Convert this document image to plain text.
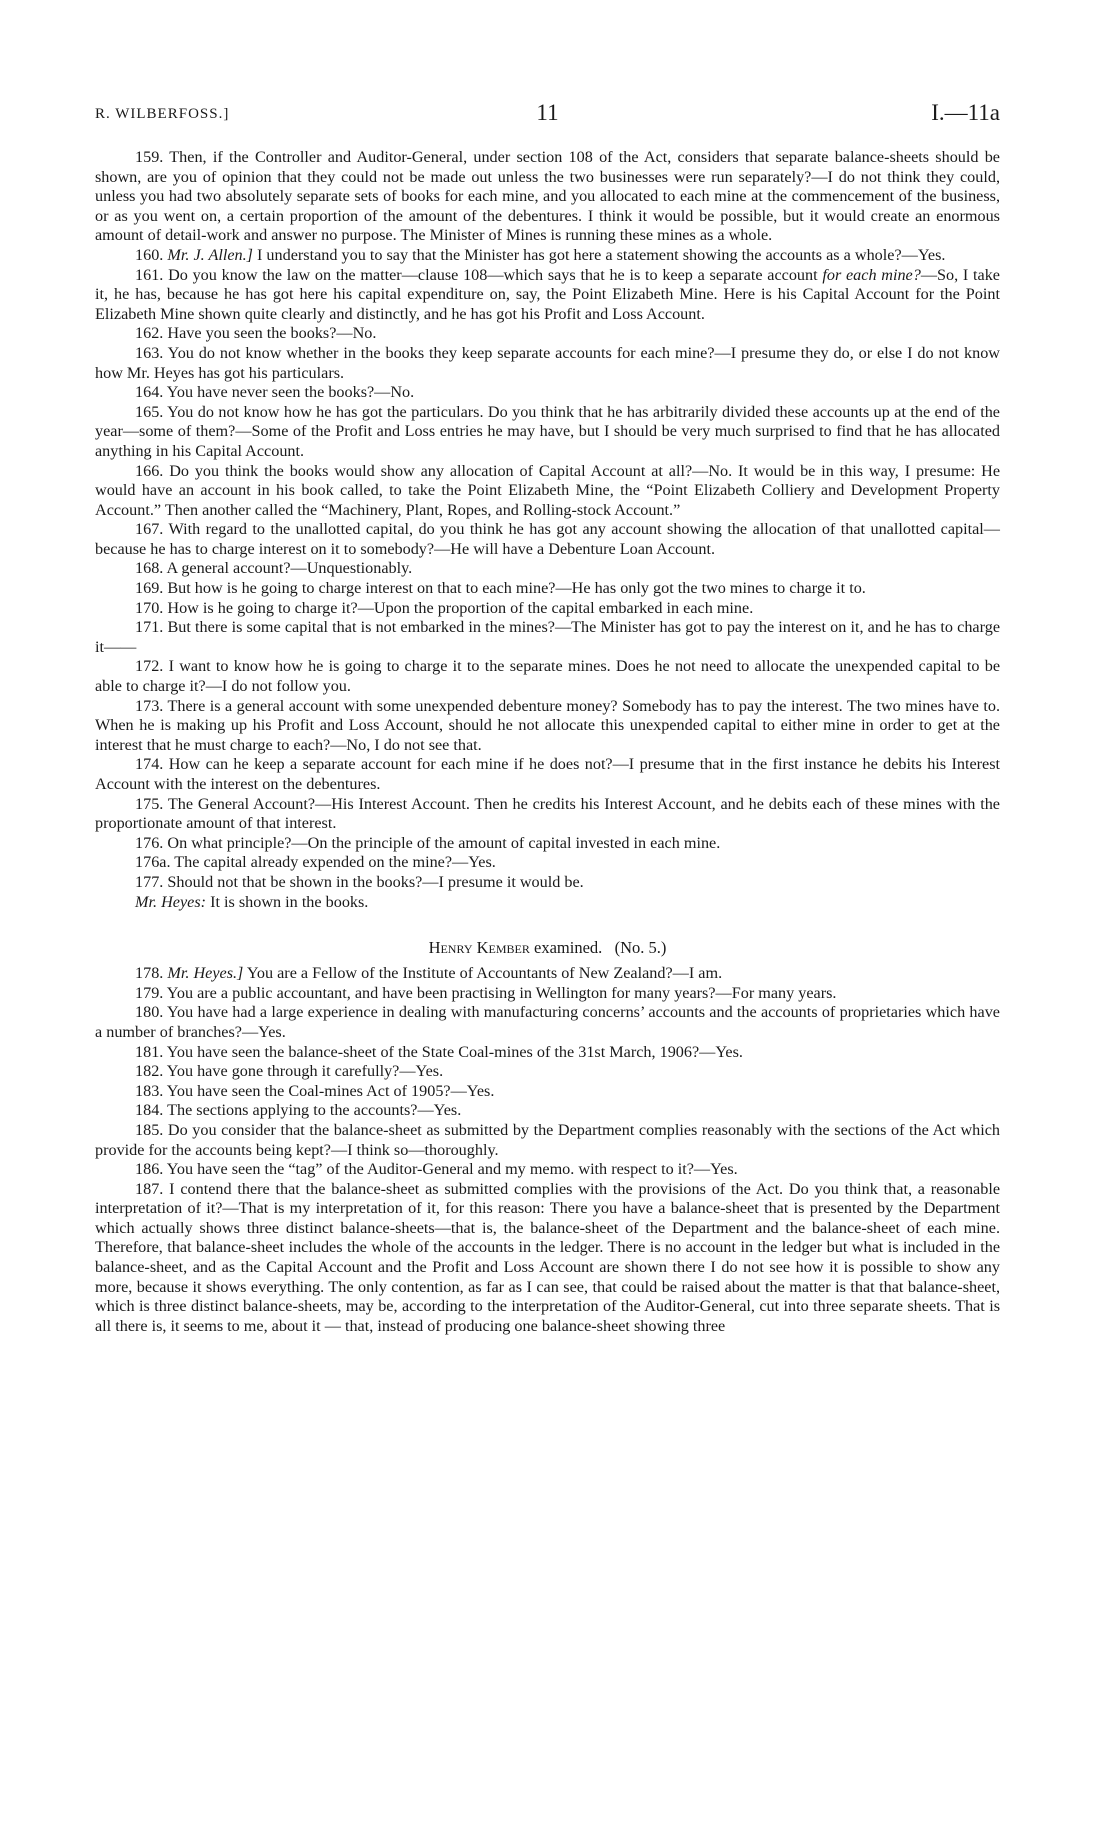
R. WILBERFOSS.]	11	I.—11a

159. Then, if the Controller and Auditor-General, under section 108 of the Act, considers that separate balance-sheets should be shown, are you of opinion that they could not be made out unless the two businesses were run separately?—I do not think they could, unless you had two absolutely separate sets of books for each mine, and you allocated to each mine at the commencement of the business, or as you went on, a certain proportion of the amount of the debentures. I think it would be possible, but it would create an enormous amount of detail-work and answer no purpose. The Minister of Mines is running these mines as a whole.

160. Mr. J. Allen.] I understand you to say that the Minister has got here a statement showing the accounts as a whole?—Yes.

161. Do you know the law on the matter—clause 108—which says that he is to keep a separate account for each mine?—So, I take it, he has, because he has got here his capital expenditure on, say, the Point Elizabeth Mine. Here is his Capital Account for the Point Elizabeth Mine shown quite clearly and distinctly, and he has got his Profit and Loss Account.

162. Have you seen the books?—No.

163. You do not know whether in the books they keep separate accounts for each mine?—I presume they do, or else I do not know how Mr. Heyes has got his particulars.

164. You have never seen the books?—No.

165. You do not know how he has got the particulars. Do you think that he has arbitrarily divided these accounts up at the end of the year—some of them?—Some of the Profit and Loss entries he may have, but I should be very much surprised to find that he has allocated anything in his Capital Account.

166. Do you think the books would show any allocation of Capital Account at all?—No. It would be in this way, I presume: He would have an account in his book called, to take the Point Elizabeth Mine, the “Point Elizabeth Colliery and Development Property Account.” Then another called the “Machinery, Plant, Ropes, and Rolling-stock Account.”

167. With regard to the unallotted capital, do you think he has got any account showing the allocation of that unallotted capital—because he has to charge interest on it to somebody?—He will have a Debenture Loan Account.

168. A general account?—Unquestionably.

169. But how is he going to charge interest on that to each mine?—He has only got the two mines to charge it to.

170. How is he going to charge it?—Upon the proportion of the capital embarked in each mine.

171. But there is some capital that is not embarked in the mines?—The Minister has got to pay the interest on it, and he has to charge it——

172. I want to know how he is going to charge it to the separate mines. Does he not need to allocate the unexpended capital to be able to charge it?—I do not follow you.

173. There is a general account with some unexpended debenture money? Somebody has to pay the interest. The two mines have to. When he is making up his Profit and Loss Account, should he not allocate this unexpended capital to either mine in order to get at the interest that he must charge to each?—No, I do not see that.

174. How can he keep a separate account for each mine if he does not?—I presume that in the first instance he debits his Interest Account with the interest on the debentures.

175. The General Account?—His Interest Account. Then he credits his Interest Account, and he debits each of these mines with the proportionate amount of that interest.

176. On what principle?—On the principle of the amount of capital invested in each mine.

176a. The capital already expended on the mine?—Yes.

177. Should not that be shown in the books?—I presume it would be.

Mr. Heyes: It is shown in the books.

Henry Kember examined. (No. 5.)

178. Mr. Heyes.] You are a Fellow of the Institute of Accountants of New Zealand?—I am.

179. You are a public accountant, and have been practising in Wellington for many years?—For many years.

180. You have had a large experience in dealing with manufacturing concerns’ accounts and the accounts of proprietaries which have a number of branches?—Yes.

181. You have seen the balance-sheet of the State Coal-mines of the 31st March, 1906?—Yes.

182. You have gone through it carefully?—Yes.

183. You have seen the Coal-mines Act of 1905?—Yes.

184. The sections applying to the accounts?—Yes.

185. Do you consider that the balance-sheet as submitted by the Department complies reasonably with the sections of the Act which provide for the accounts being kept?—I think so—thoroughly.

186. You have seen the “tag” of the Auditor-General and my memo. with respect to it?—Yes.

187. I contend there that the balance-sheet as submitted complies with the provisions of the Act. Do you think that, a reasonable interpretation of it?—That is my interpretation of it, for this reason: There you have a balance-sheet that is presented by the Department which actually shows three distinct balance-sheets—that is, the balance-sheet of the Department and the balance-sheet of each mine. Therefore, that balance-sheet includes the whole of the accounts in the ledger. There is no account in the ledger but what is included in the balance-sheet, and as the Capital Account and the Profit and Loss Account are shown there I do not see how it is possible to show any more, because it shows everything. The only contention, as far as I can see, that could be raised about the matter is that that balance-sheet, which is three distinct balance-sheets, may be, according to the interpretation of the Auditor-General, cut into three separate sheets. That is all there is, it seems to me, about it — that, instead of producing one balance-sheet showing three
